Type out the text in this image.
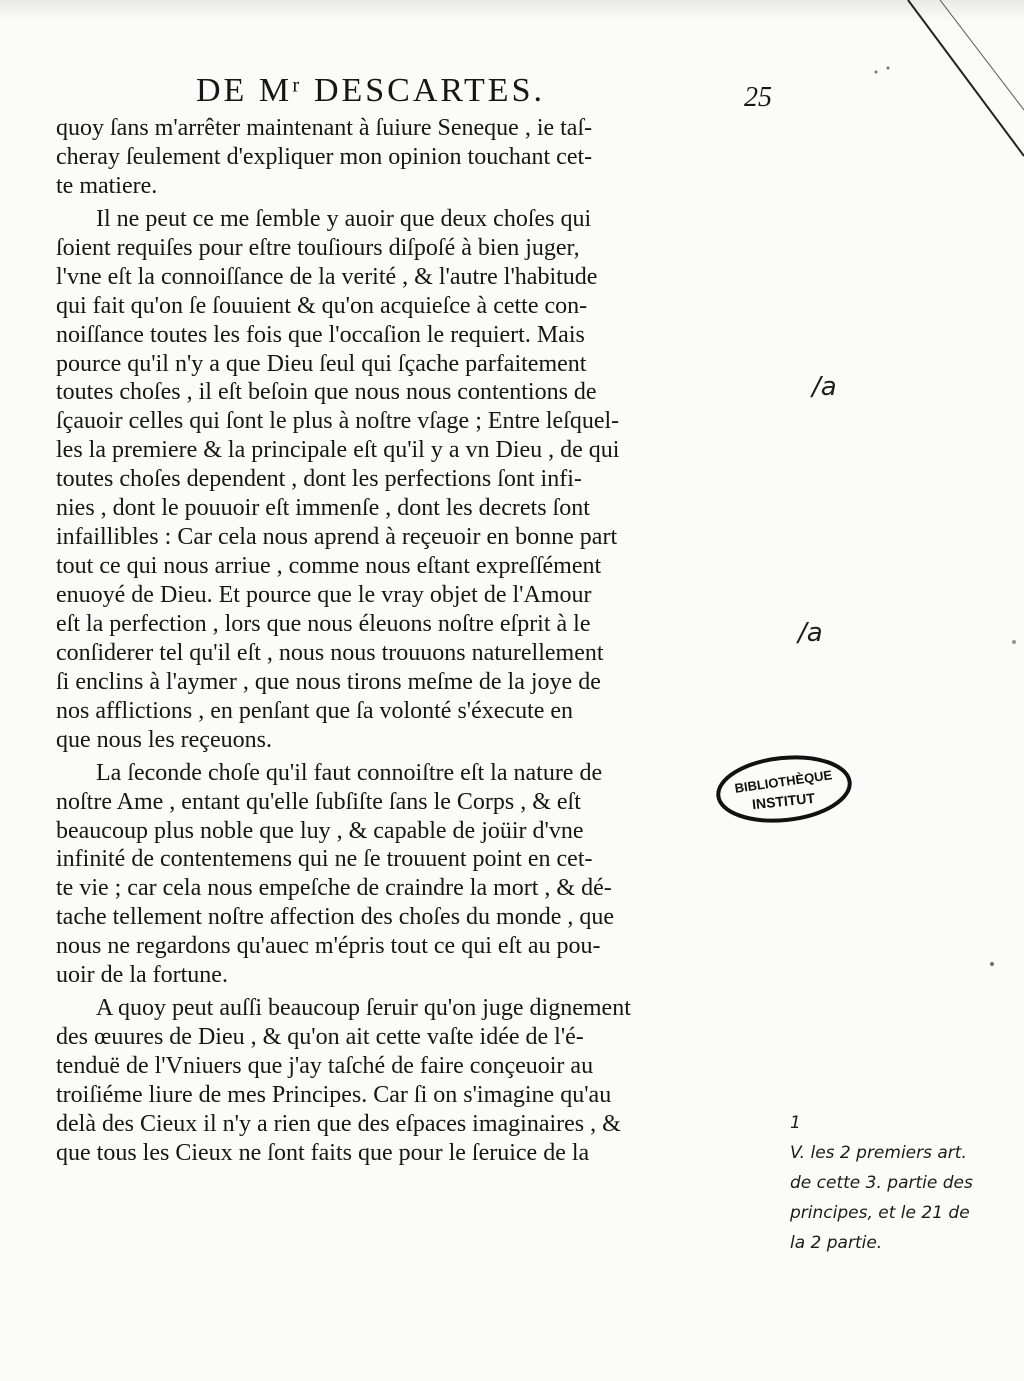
DE Mʳ DESCARTES.	25
quoy ſans m'arrêter maintenant à ſuiure Seneque , ie taſ-
cheray ſeulement d'expliquer mon opinion touchant cet-
te matiere.
Il ne peut ce me ſemble y auoir que deux choſes qui
ſoient requiſes pour eſtre touſiours diſpoſé à bien juger,
l'vne eſt la connoiſſance de la verité , & l'autre l'habitude
qui fait qu'on ſe ſouuient & qu'on acquieſce à cette con-
noiſſance toutes les fois que l'occaſion le requiert. Mais
pource qu'il n'y a que Dieu ſeul qui ſçache parfaitement
toutes choſes , il eſt beſoin que nous nous contentions de
ſçauoir celles qui ſont le plus à noſtre vſage ; Entre leſquel-
les la premiere & la principale eſt qu'il y a vn Dieu , de qui
toutes choſes dependent , dont les perfections ſont infi-
nies , dont le pouuoir eſt immenſe , dont les decrets ſont
infaillibles : Car cela nous aprend à reçeuoir en bonne part
tout ce qui nous arriue , comme nous eſtant expreſſément
enuoyé de Dieu. Et pource que le vray objet de l'Amour
eſt la perfection , lors que nous éleuons noſtre eſprit à le
conſiderer tel qu'il eſt , nous nous trouuons naturellement
ſi enclins à l'aymer , que nous tirons meſme de la joye de
nos afflictions , en penſant que ſa volonté s'éxecute en
que nous les reçeuons.
La ſeconde choſe qu'il faut connoiſtre eſt la nature de
noſtre Ame , entant qu'elle ſubſiſte ſans le Corps , & eſt
beaucoup plus noble que luy , & capable de joüir d'vne
infinité de contentemens qui ne ſe trouuent point en cet-
te vie ; car cela nous empeſche de craindre la mort , & dé-
tache tellement noſtre affection des choſes du monde , que
nous ne regardons qu'auec m'épris tout ce qui eſt au pou-
uoir de la fortune.
A quoy peut auſſi beaucoup ſeruir qu'on juge dignement
des œuures de Dieu , & qu'on ait cette vaſte idée de l'é-
tenduë de l'Vniuers que j'ay taſché de faire conçeuoir au
troiſiéme liure de mes Principes. Car ſi on s'imagine qu'au
delà des Cieux il n'y a rien que des eſpaces imaginaires , &
que tous les Cieux ne ſont faits que pour le ſeruice de la
/a
/a
1
V. les 2 premiers art.
de cette 3. partie des
principes, et le 21 de
la 2 partie.
BIBLIOTHÈQUE
INSTITUT
